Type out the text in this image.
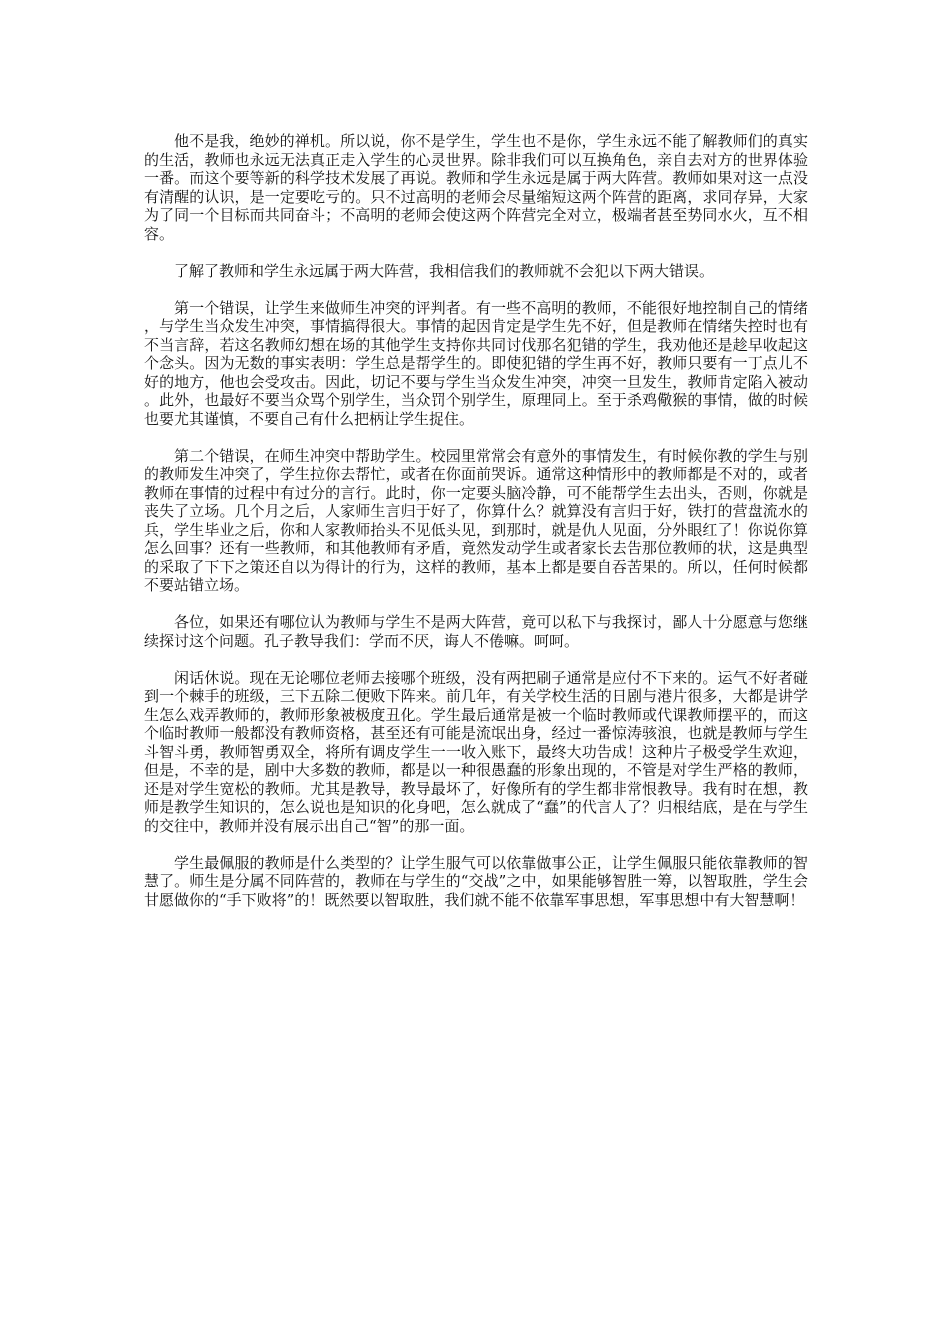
他不是我，绝妙的禅机。所以说，你不是学生，学生也不是你，学生永远不能了解教师们的真实的生活，教师也永远无法真正走入学生的心灵世界。除非我们可以互换角色，亲自去对方的世界体验一番。而这个要等新的科学技术发展了再说。教师和学生永远是属于两大阵营。教师如果对这一点没有清醒的认识，是一定要吃亏的。只不过高明的老师会尽量缩短这两个阵营的距离，求同存异，大家为了同一个目标而共同奋斗；不高明的老师会使这两个阵营完全对立，极端者甚至势同水火，互不相容。

了解了教师和学生永远属于两大阵营，我相信我们的教师就不会犯以下两大错误。

第一个错误，让学生来做师生冲突的评判者。有一些不高明的教师，不能很好地控制自己的情绪，与学生当众发生冲突，事情搞得很大。事情的起因肯定是学生先不好，但是教师在情绪失控时也有不当言辞，若这名教师幻想在场的其他学生支持你共同讨伐那名犯错的学生，我劝他还是趁早收起这个念头。因为无数的事实表明：学生总是帮学生的。即使犯错的学生再不好，教师只要有一丁点儿不好的地方，他也会受攻击。因此，切记不要与学生当众发生冲突，冲突一旦发生，教师肯定陷入被动。此外，也最好不要当众骂个别学生，当众罚个别学生，原理同上。至于杀鸡儆猴的事情，做的时候也要尤其谨慎，不要自己有什么把柄让学生捉住。

第二个错误，在师生冲突中帮助学生。校园里常常会有意外的事情发生，有时候你教的学生与别的教师发生冲突了，学生拉你去帮忙，或者在你面前哭诉。通常这种情形中的教师都是不对的，或者教师在事情的过程中有过分的言行。此时，你一定要头脑冷静，可不能帮学生去出头，否则，你就是丧失了立场。几个月之后，人家师生言归于好了，你算什么？就算没有言归于好，铁打的营盘流水的兵，学生毕业之后，你和人家教师抬头不见低头见，到那时，就是仇人见面，分外眼红了！你说你算怎么回事？还有一些教师，和其他教师有矛盾，竟然发动学生或者家长去告那位教师的状，这是典型的采取了下下之策还自以为得计的行为，这样的教师，基本上都是要自吞苦果的。所以，任何时候都不要站错立场。

各位，如果还有哪位认为教师与学生不是两大阵营，竟可以私下与我探讨，鄙人十分愿意与您继续探讨这个问题。孔子教导我们：学而不厌，诲人不倦嘛。呵呵。

闲话休说。现在无论哪位老师去接哪个班级，没有两把刷子通常是应付不下来的。运气不好者碰到一个棘手的班级，三下五除二便败下阵来。前几年，有关学校生活的日剧与港片很多，大都是讲学生怎么戏弄教师的，教师形象被极度丑化。学生最后通常是被一个临时教师或代课教师摆平的，而这个临时教师一般都没有教师资格，甚至还有可能是流氓出身，经过一番惊涛骇浪，也就是教师与学生斗智斗勇，教师智勇双全，将所有调皮学生一一收入账下，最终大功告成！这种片子极受学生欢迎，但是，不幸的是，剧中大多数的教师，都是以一种很愚蠢的形象出现的，不管是对学生严格的教师，还是对学生宽松的教师。尤其是教导，教导最坏了，好像所有的学生都非常恨教导。我有时在想，教师是教学生知识的，怎么说也是知识的化身吧，怎么就成了“蠢”的代言人了？归根结底，是在与学生的交往中，教师并没有展示出自己“智”的那一面。

学生最佩服的教师是什么类型的？让学生服气可以依靠做事公正，让学生佩服只能依靠教师的智慧了。师生是分属不同阵营的，教师在与学生的“交战”之中，如果能够智胜一筹，以智取胜，学生会甘愿做你的“手下败将”的！既然要以智取胜，我们就不能不依靠军事思想，军事思想中有大智慧啊！
